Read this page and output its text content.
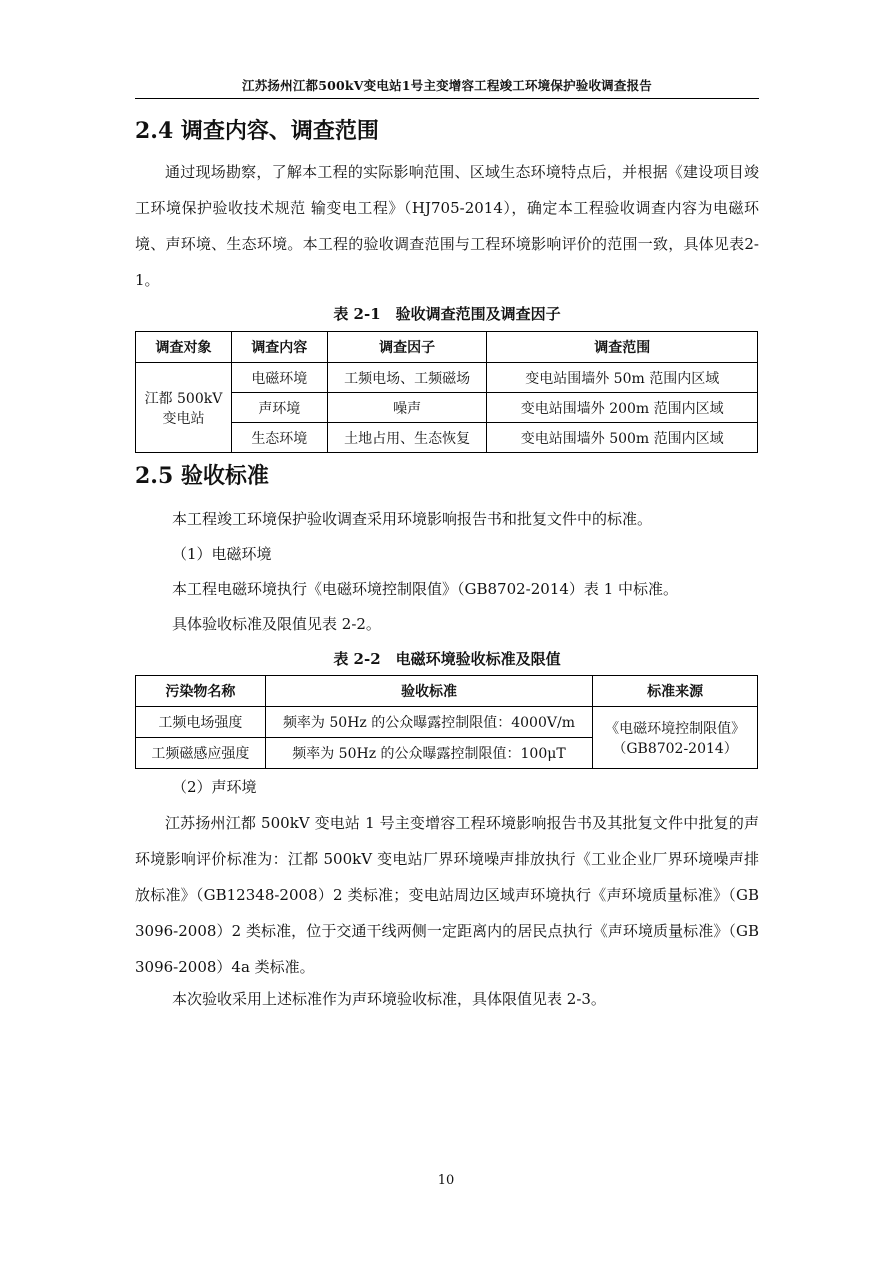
江苏扬州江都500kV变电站1号主变增容工程竣工环境保护验收调查报告
2.4 调查内容、调查范围
通过现场勘察，了解本工程的实际影响范围、区域生态环境特点后，并根据《建设项目竣工环境保护验收技术规范 输变电工程》（HJ705-2014），确定本工程验收调查内容为电磁环境、声环境、生态环境。本工程的验收调查范围与工程环境影响评价的范围一致，具体见表2-1。
表 2-1　验收调查范围及调查因子
调查对象	调查内容	调查因子	调查范围

江都 500kV
变电站	电磁环境	工频电场、工频磁场	变电站围墙外 50m 范围内区域
	声环境	噪声	变电站围墙外 200m 范围内区域
	生态环境	土地占用、生态恢复	变电站围墙外 500m 范围内区域
2.5 验收标准
本工程竣工环境保护验收调查采用环境影响报告书和批复文件中的标准。
（1）电磁环境
本工程电磁环境执行《电磁环境控制限值》（GB8702-2014）表 1 中标准。
具体验收标准及限值见表 2-2。
表 2-2　电磁环境验收标准及限值
污染物名称	验收标准	标准来源
工频电场强度	频率为 50Hz 的公众曝露控制限值：4000V/m	《电磁环境控制限值》
（GB8702-2014）

工频磁感应强度	频率为 50Hz 的公众曝露控制限值：100μT	
（2）声环境
江苏扬州江都 500kV 变电站 1 号主变增容工程环境影响报告书及其批复文件中批复的声环境影响评价标准为：江都 500kV 变电站厂界环境噪声排放执行《工业企业厂界环境噪声排放标准》（GB12348-2008）2 类标准；变电站周边区域声环境执行《声环境质量标准》（GB 3096-2008）2 类标准，位于交通干线两侧一定距离内的居民点执行《声环境质量标准》（GB 3096-2008）4a 类标准。
本次验收采用上述标准作为声环境验收标准，具体限值见表 2-3。
10
